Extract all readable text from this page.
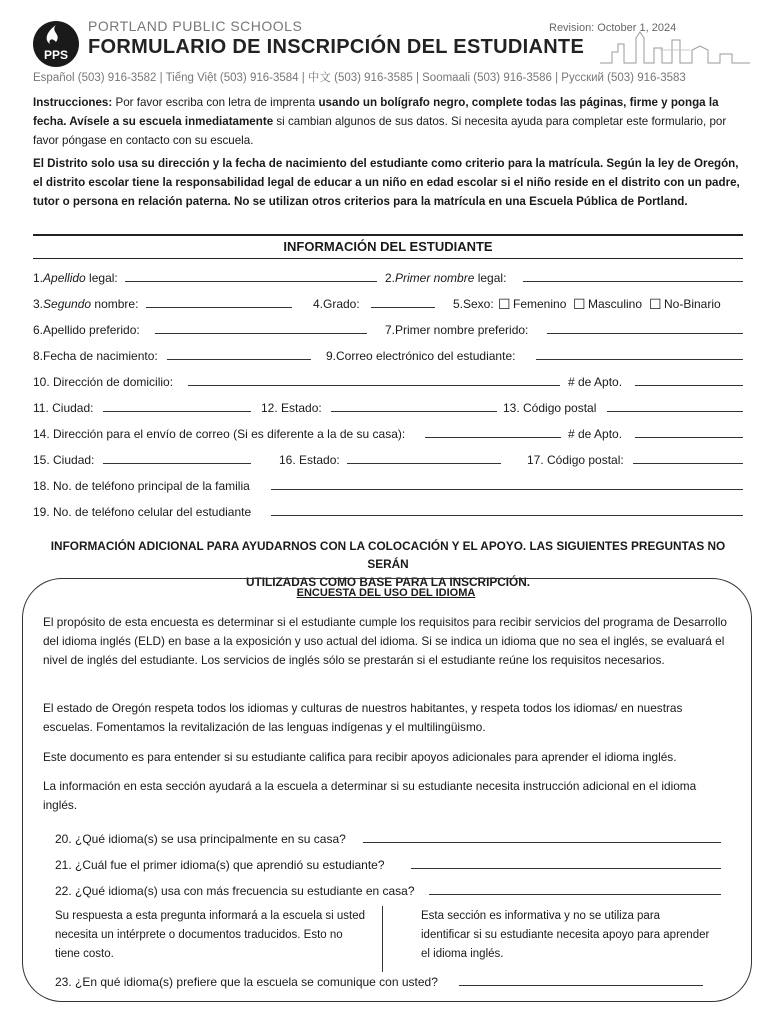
PPS
PORTLAND PUBLIC SCHOOLS	Revision: October 1, 2024
FORMULARIO DE INSCRIPCIÓN DEL ESTUDIANTE
Español (503) 916-3582 | Tiếng Việt (503) 916-3584 | 中文 (503) 916-3585 | Soomaali (503) 916-3586 | Русский (503) 916-3583
Instrucciones: Por favor escriba con letra de imprenta usando un bolígrafo negro, complete todas las páginas, firme y ponga la fecha. Avísele a su escuela inmediatamente si cambian algunos de sus datos. Si necesita ayuda para completar este formulario, por favor póngase en contacto con su escuela.
El Distrito solo usa su dirección y la fecha de nacimiento del estudiante como criterio para la matrícula. Según la ley de Oregón, el distrito escolar tiene la responsabilidad legal de educar a un niño en edad escolar si el niño reside en el distrito con un padre, tutor o persona en relación paterna. No se utilizan otros criterios para la matrícula en una Escuela Pública de Portland.
INFORMACIÓN DEL ESTUDIANTE
1.Apellido legal:	2.Primer nombre legal:
3.Segundo nombre:	4.Grado:	5.Sexo: ☐ Femenino ☐ Masculino ☐ No-Binario
6.Apellido preferido:	7.Primer nombre preferido:
8.Fecha de nacimiento:	9.Correo electrónico del estudiante:
10. Dirección de domicilio:	# de Apto.
11. Ciudad:	12. Estado:	13. Código postal
14. Dirección para el envío de correo (Si es diferente a la de su casa):	# de Apto.
15. Ciudad:	16. Estado:	17. Código postal:
18. No. de teléfono principal de la familia
19. No. de teléfono celular del estudiante
INFORMACIÓN ADICIONAL PARA AYUDARNOS CON LA COLOCACIÓN Y EL APOYO. LAS SIGUIENTES PREGUNTAS NO SERÁN
UTILIZADAS COMO BASE PARA LA INSCRIPCIÓN.
ENCUESTA DEL USO DEL IDIOMA
El propósito de esta encuesta es determinar si el estudiante cumple los requisitos para recibir servicios del programa de Desarrollo del idioma inglés (ELD) en base a la exposición y uso actual del idioma. Si se indica un idioma que no sea el inglés, se evaluará el nivel de inglés del estudiante. Los servicios de inglés sólo se prestarán si el estudiante reúne los requisitos necesarios.
El estado de Oregón respeta todos los idiomas y culturas de nuestros habitantes, y respeta todos los idiomas/ en nuestras escuelas. Fomentamos la revitalización de las lenguas indígenas y el multilingüismo.
Este documento es para entender si su estudiante califica para recibir apoyos adicionales para aprender el idioma inglés.
La información en esta sección ayudará a la escuela a determinar si su estudiante necesita instrucción adicional en el idioma inglés.
20. ¿Qué idioma(s) se usa principalmente en su casa?
21. ¿Cuál fue el primer idioma(s) que aprendió su estudiante?
22. ¿Qué idioma(s) usa con más frecuencia su estudiante en casa?
Su respuesta a esta pregunta informará a la escuela si usted necesita un intérprete o documentos traducidos. Esto no tiene costo.
Esta sección es informativa y no se utiliza para identificar si su estudiante necesita apoyo para aprender el idioma inglés.
23. ¿En qué idioma(s) prefiere que la escuela se comunique con usted?
